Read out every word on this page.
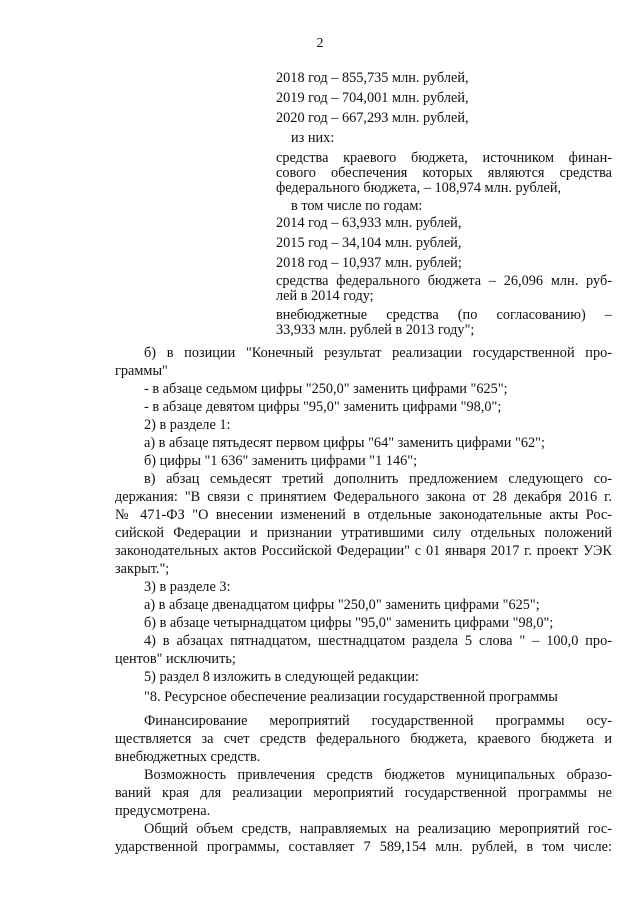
2
2018 год – 855,735 млн. рублей,
2019 год – 704,001 млн. рублей,
2020 год – 667,293 млн. рублей,
из них:
средства краевого бюджета, источником финан-
сового обеспечения которых являются средства
федерального бюджета, – 108,974 млн. рублей,
в том числе по годам:
2014 год – 63,933 млн. рублей,
2015 год – 34,104 млн. рублей,
2018 год – 10,937 млн. рублей;
средства федерального бюджета – 26,096 млн. руб-
лей в 2014 году;
внебюджетные средства (по согласованию) –
33,933 млн. рублей в 2013 году";
б) в позиции "Конечный результат реализации государственной про-
граммы"
- в абзаце седьмом цифры "250,0" заменить цифрами "625";
- в абзаце девятом цифры "95,0" заменить цифрами "98,0";
2) в разделе 1:
а) в абзаце пятьдесят первом цифры "64" заменить цифрами "62";
б) цифры "1 636" заменить цифрами "1 146";
в) абзац семьдесят третий дополнить предложением следующего со-
держания: "В связи с принятием Федерального закона от 28 декабря 2016 г.
№ 471-ФЗ "О внесении изменений в отдельные законодательные акты Рос-
сийской Федерации и признании утратившими силу отдельных положений
законодательных актов Российской Федерации" с 01 января 2017 г. проект УЭК
закрыт.";
3) в разделе 3:
а) в абзаце двенадцатом цифры "250,0" заменить цифрами "625";
б) в абзаце четырнадцатом цифры "95,0" заменить цифрами "98,0";
4) в абзацах пятнадцатом, шестнадцатом раздела 5 слова " – 100,0 про-
центов" исключить;
5) раздел 8 изложить в следующей редакции:
"8. Ресурсное обеспечение реализации государственной программы
Финансирование мероприятий государственной программы осу-
ществляется за счет средств федерального бюджета, краевого бюджета и
внебюджетных средств.
Возможность привлечения средств бюджетов муниципальных образо-
ваний края для реализации мероприятий государственной программы не
предусмотрена.
Общий объем средств, направляемых на реализацию мероприятий гос-
ударственной программы, составляет 7 589,154 млн. рублей, в том числе:
